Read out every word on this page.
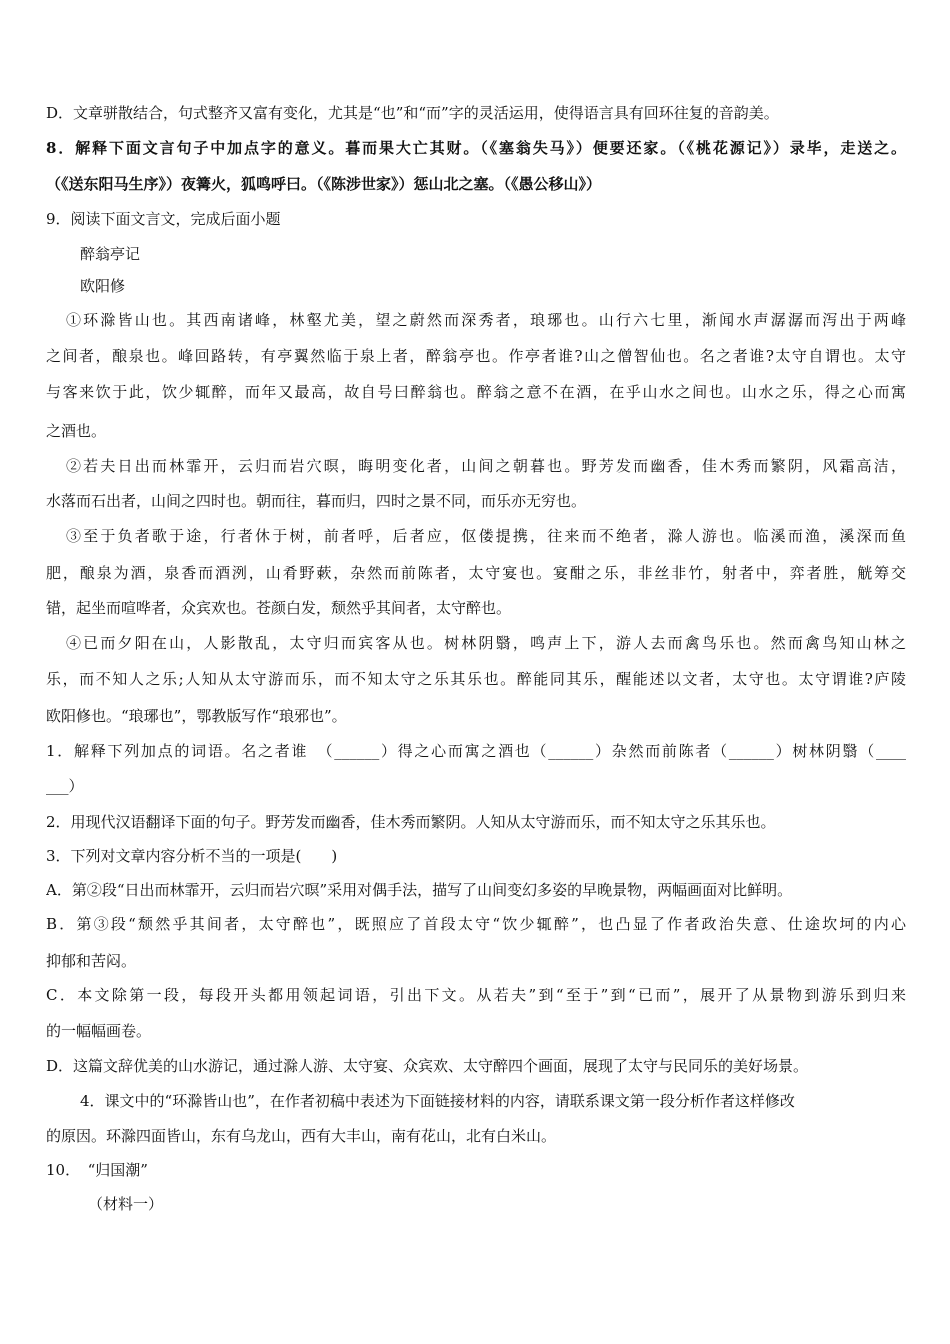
D．文章骈散结合，句式整齐又富有变化，尤其是“也”和“而”字的灵活运用，使得语言具有回环往复的音韵美。
8．解释下面文言句子中加点字的意义。暮而果大亡其财。（《塞翁失马》）便要还家。（《桃花源记》）录毕，走送之。
（《送东阳马生序》）夜篝火，狐鸣呼曰。（《陈涉世家》）惩山北之塞。（《愚公移山》）
9．阅读下面文言文，完成后面小题
醉翁亭记
欧阳修
①环滁皆山也。其西南诸峰，林壑尤美，望之蔚然而深秀者，琅琊也。山行六七里，渐闻水声潺潺而泻出于两峰
之间者，酿泉也。峰回路转，有亭翼然临于泉上者，醉翁亭也。作亭者谁?山之僧智仙也。名之者谁?太守自谓也。太守
与客来饮于此，饮少辄醉，而年又最高，故自号曰醉翁也。醉翁之意不在酒，在乎山水之间也。山水之乐，得之心而寓
之酒也。
②若夫日出而林霏开，云归而岩穴暝，晦明变化者，山间之朝暮也。野芳发而幽香，佳木秀而繁阴，风霜高洁，
水落而石出者，山间之四时也。朝而往，暮而归，四时之景不同，而乐亦无穷也。
③至于负者歌于途，行者休于树，前者呼，后者应，伛偻提携，往来而不绝者，滁人游也。临溪而渔，溪深而鱼
肥，酿泉为酒，泉香而酒洌，山肴野蔌，杂然而前陈者，太守宴也。宴酣之乐，非丝非竹，射者中，弈者胜，觥筹交
错，起坐而喧哗者，众宾欢也。苍颜白发，颓然乎其间者，太守醉也。
④已而夕阳在山，人影散乱，太守归而宾客从也。树林阴翳，鸣声上下，游人去而禽鸟乐也。然而禽鸟知山林之
乐，而不知人之乐;人知从太守游而乐，而不知太守之乐其乐也。醉能同其乐，醒能述以文者，太守也。太守谓谁?庐陵
欧阳修也。“琅琊也”，鄂教版写作“琅邪也”。
1．解释下列加点的词语。名之者谁　（______）得之心而寓之酒也（______）杂然而前陈者（______）树林阴翳（____
___）
2．用现代汉语翻译下面的句子。野芳发而幽香，佳木秀而繁阴。人知从太守游而乐，而不知太守之乐其乐也。
3．下列对文章内容分析不当的一项是(　　)
A．第②段“日出而林霏开，云归而岩穴暝”采用对偶手法，描写了山间变幻多姿的早晚景物，两幅画面对比鲜明。
B．第③段“颓然乎其间者，太守醉也”，既照应了首段太守“饮少辄醉”，也凸显了作者政治失意、仕途坎坷的内心
抑郁和苦闷。
C．本文除第一段，每段开头都用领起词语，引出下文。从若夫”到“至于”到“已而”，展开了从景物到游乐到归来
的一幅幅画卷。
D．这篇文辞优美的山水游记，通过滁人游、太守宴、众宾欢、太守醉四个画面，展现了太守与民同乐的美好场景。
4．课文中的“环滁皆山也”，在作者初稿中表述为下面链接材料的内容，请联系课文第一段分析作者这样修改
的原因。环滁四面皆山，东有乌龙山，西有大丰山，南有花山，北有白米山。
10．　“归国潮”
（材料一）
